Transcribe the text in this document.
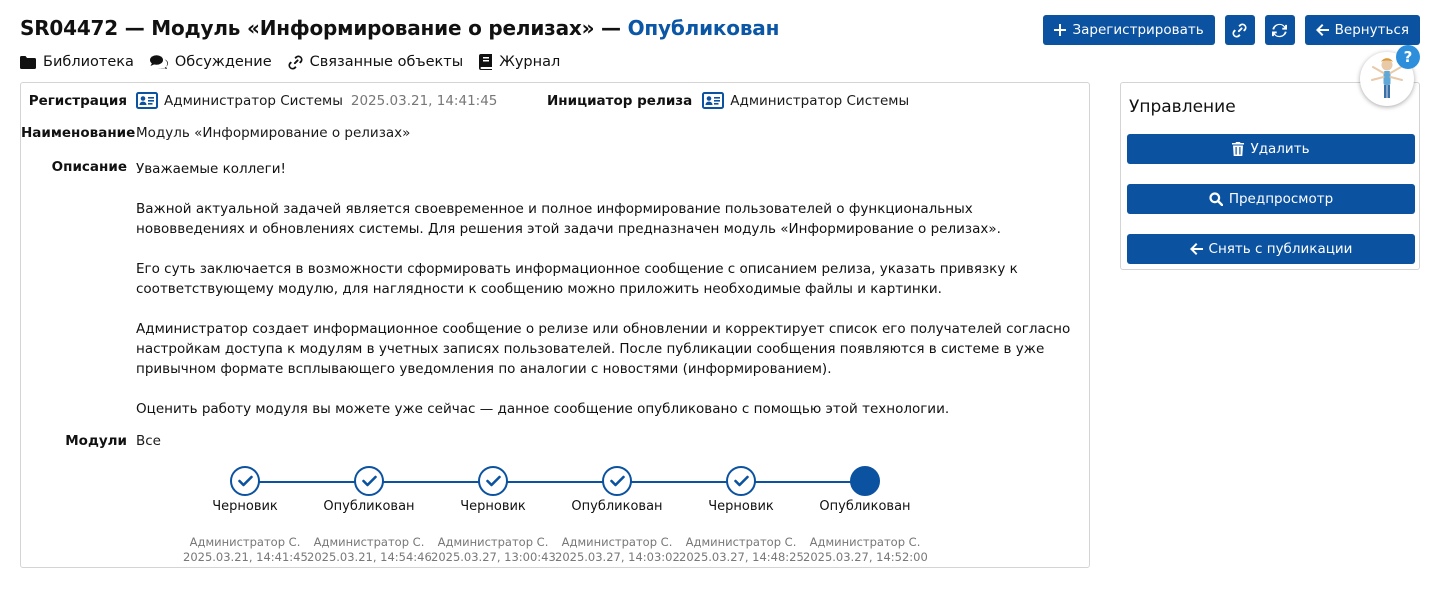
SR04472 — Модуль «Информирование о релизах» — Опубликован	Зарегистрировать	Вернуться
Библиотека	Обсуждение	Связанные объекты Журнал
Регистрация	Администратор Системы 2025.03.21, 14:41:45	Инициатор релиза	Администратор Системы
Наименование Модуль «Информирование о релизах»
Описание Уважаемые коллеги!

Важной актуальной задачей является своевременное и полное информирование пользователей о функциональных нововведениях и обновлениях системы. Для решения этой задачи предназначен модуль «Информирование о релизах».

Его суть заключается в возможности сформировать информационное сообщение с описанием релиза, указать привязку к соответствующему модулю, для наглядности к сообщению можно приложить необходимые файлы и картинки.

Администратор создает информационное сообщение о релизе или обновлении и корректирует список его получателей согласно настройкам доступа к модулям в учетных записях пользователей. После публикации сообщения появляются в системе в уже привычном формате всплывающего уведомления по аналогии с новостями (информированием).

Оценить работу модуля вы можете уже сейчас — данное сообщение опубликовано с помощью этой технологии.

Модули Все
Черновик
Администратор С.
2025.03.21, 14:41:45
Опубликован
Администратор С.
2025.03.21, 14:54:46
Черновик
Администратор С.
2025.03.27, 13:00:43
Опубликован
Администратор С.
2025.03.27, 14:03:02
Черновик
Администратор С.
2025.03.27, 14:48:25
Опубликован
Администратор С.
2025.03.27, 14:52:00
Управление
Удалить
Предпросмотр
Снять с публикации
?
